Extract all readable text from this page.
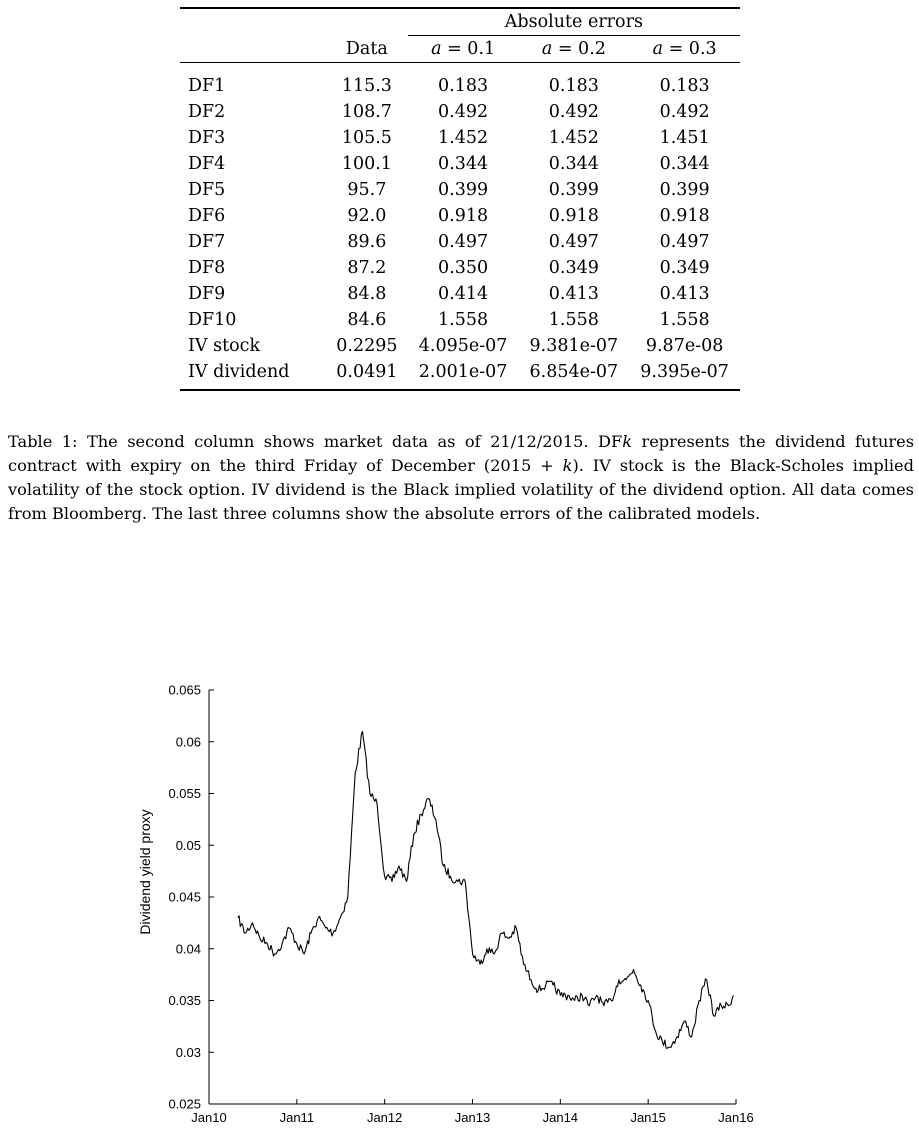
		Absolute errors		
	Data	a = 0.1	a = 0.2	a = 0.3
DF1	115.3	0.183	0.183	0.183
DF2	108.7	0.492	0.492	0.492
DF3	105.5	1.452	1.452	1.451
DF4	100.1	0.344	0.344	0.344
DF5	95.7	0.399	0.399	0.399
DF6	92.0	0.918	0.918	0.918
DF7	89.6	0.497	0.497	0.497
DF8	87.2	0.350	0.349	0.349
DF9	84.8	0.414	0.413	0.413
DF10	84.6	1.558	1.558	1.558
IV stock	0.2295	4.095e-07	9.381e-07	9.87e-08
IV dividend	0.0491	2.001e-07	6.854e-07	9.395e-07
Table 1: The second column shows market data as of 21/12/2015. DFk represents the dividend futures contract with expiry on the third Friday of December (2015 + k). IV stock is the Black-Scholes implied volatility of the stock option. IV dividend is the Black implied volatility of the dividend option. All data comes from Bloomberg. The last three columns show the absolute errors of the calibrated models.
Jan10	Jan11	Jan12	Jan13	Jan14	Jan15	Jan16
0.025
0.03
0.035
0.04
0.045
0.05
0.055
0.06
0.065
Dividend yield proxy
